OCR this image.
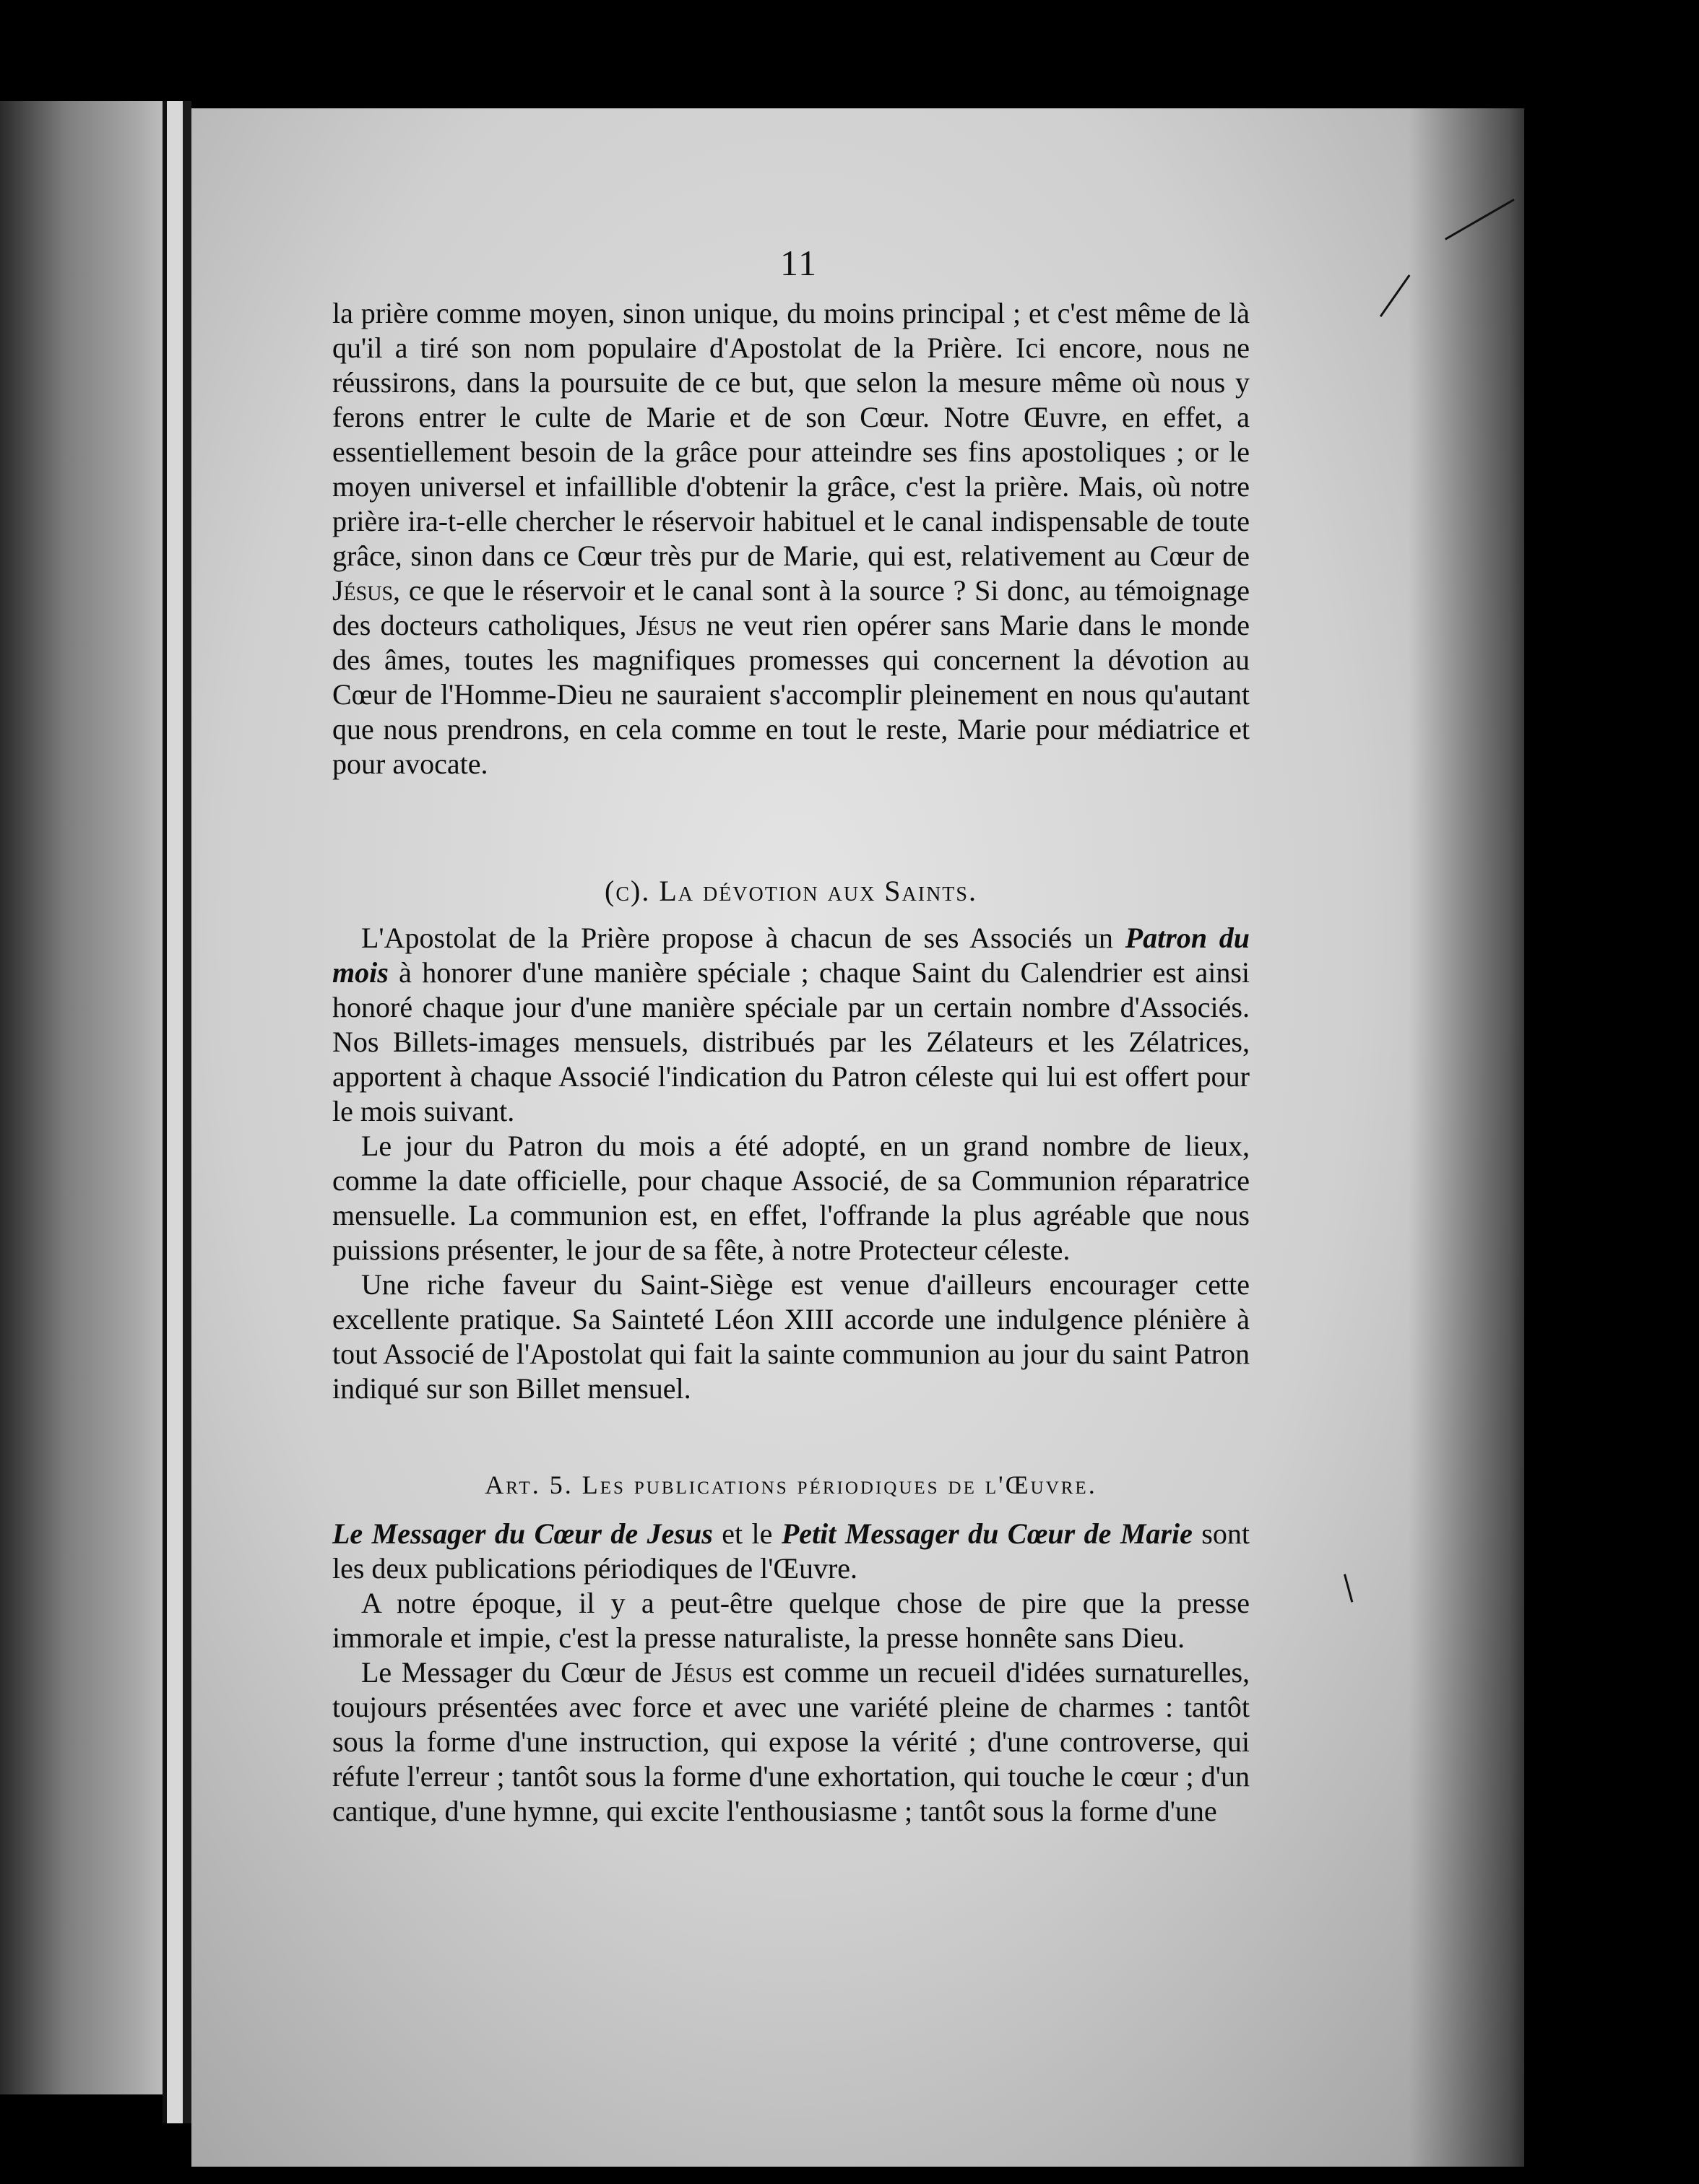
11

la prière comme moyen, sinon unique, du moins principal ; et c'est même de là qu'il a tiré son nom populaire d'Apostolat de la Prière. Ici encore, nous ne réussirons, dans la poursuite de ce but, que selon la mesure même où nous y ferons entrer le culte de Marie et de son Cœur. Notre Œuvre, en effet, a essentiellement besoin de la grâce pour atteindre ses fins apostoliques ; or le moyen universel et infaillible d'obtenir la grâce, c'est la prière. Mais, où notre prière ira-t-elle chercher le réservoir habituel et le canal indispensable de toute grâce, sinon dans ce Cœur très pur de Marie, qui est, relativement au Cœur de Jésus, ce que le réservoir et le canal sont à la source ? Si donc, au témoignage des docteurs catholiques, Jésus ne veut rien opérer sans Marie dans le monde des âmes, toutes les magnifiques promesses qui concernent la dévotion au Cœur de l'Homme-Dieu ne sauraient s'accomplir pleinement en nous qu'autant que nous prendrons, en cela comme en tout le reste, Marie pour médiatrice et pour avocate.

(c). La dévotion aux Saints.

L'Apostolat de la Prière propose à chacun de ses Associés un Patron du mois à honorer d'une manière spéciale ; chaque Saint du Calendrier est ainsi honoré chaque jour d'une manière spéciale par un certain nombre d'Associés. Nos Billets-images mensuels, distribués par les Zélateurs et les Zélatrices, apportent à chaque Associé l'indication du Patron céleste qui lui est offert pour le mois suivant.

Le jour du Patron du mois a été adopté, en un grand nombre de lieux, comme la date officielle, pour chaque Associé, de sa Communion réparatrice mensuelle. La communion est, en effet, l'offrande la plus agréable que nous puissions présenter, le jour de sa fête, à notre Protecteur céleste.

Une riche faveur du Saint-Siège est venue d'ailleurs encourager cette excellente pratique. Sa Sainteté Léon XIII accorde une indulgence plénière à tout Associé de l'Apostolat qui fait la sainte communion au jour du saint Patron indiqué sur son Billet mensuel.

Art. 5. Les publications périodiques de l'Œuvre.

Le Messager du Cœur de Jesus et le Petit Messager du Cœur de Marie sont les deux publications périodiques de l'Œuvre.

A notre époque, il y a peut-être quelque chose de pire que la presse immorale et impie, c'est la presse naturaliste, la presse honnête sans Dieu.

Le Messager du Cœur de Jésus est comme un recueil d'idées surnaturelles, toujours présentées avec force et avec une variété pleine de charmes : tantôt sous la forme d'une instruction, qui expose la vérité ; d'une controverse, qui réfute l'erreur ; tantôt sous la forme d'une exhortation, qui touche le cœur ; d'un cantique, d'une hymne, qui excite l'enthousiasme ; tantôt sous la forme d'une
